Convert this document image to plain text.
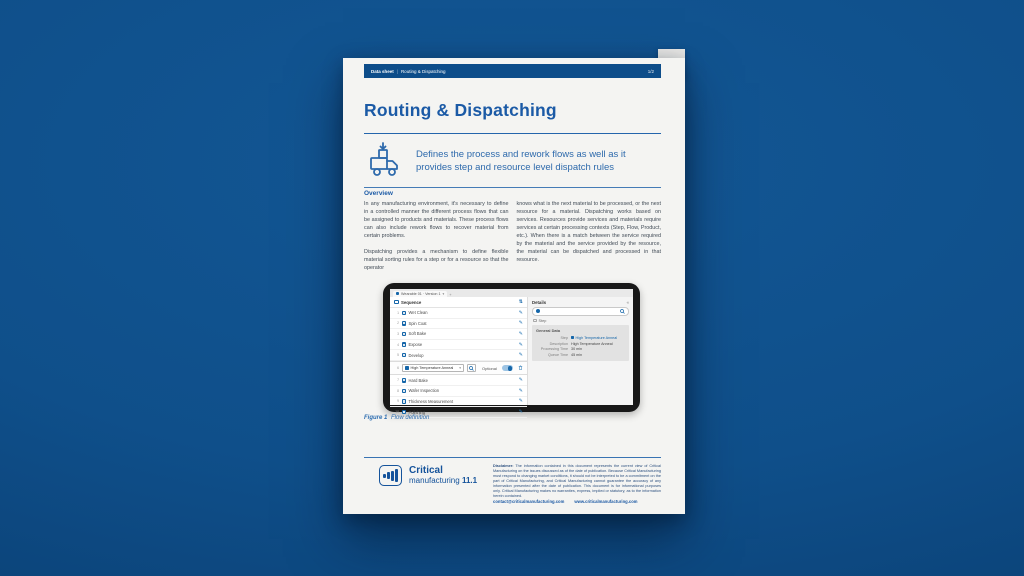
Data sheet | Routing & Dispatching	1/2
Routing & Dispatching
Defines the process and rework flows as well as it provides step and resource level dispatch rules
Overview

In any manufacturing environment, it's necessary to define in a controlled manner the different process flows that can be assigned to products and materials. These process flows can also include rework flows to recover material from certain problems.

Dispatching provides a mechanism to define flexible material sorting rules for a step or for a resource so that the operator

knows what is the next material to be processed, or the next resource for a material. Dispatching works based on services. Resources provide services and materials require services at certain processing contexts (Step, Flow, Product, etc.). When there is a match between the service required by the material and the service provided by the resource, the material can be dispatched and processed in that resource.

Wearable 01 · Version 1 ▾ +
Sequence	⇅
1 Wet Clean	✎
2 Spin Coat	✎
3 Soft Bake	✎
4 Expose	✎
5 Develop	✎
6	High Temperature Anneal	▾	Optional
7 Hard Bake	✎
8 Wafer Inspection	✎
9 Thickness Measurement	✎
10 Polishing	✎
Details	«
Step
General Data
Step High Temperature Anneal
Description High Temperature Anneal
Processing Time 30 min
Queue Time 45 min
Figure 1 Flow definition
Critical
manufacturing 11.1
Disclaimer: The information contained in this document represents the current view of Critical Manufacturing on the issues discussed as of the date of publication. Because Critical Manufacturing must respond to changing market conditions, it should not be interpreted to be a commitment on the part of Critical Manufacturing, and Critical Manufacturing cannot guarantee the accuracy of any information presented after the date of publication. This document is for informational purposes only. Critical Manufacturing makes no warranties, express, implied or statutory, as to the information herein contained.
contact@criticalmanufacturing.com www.criticalmanufacturing.com
